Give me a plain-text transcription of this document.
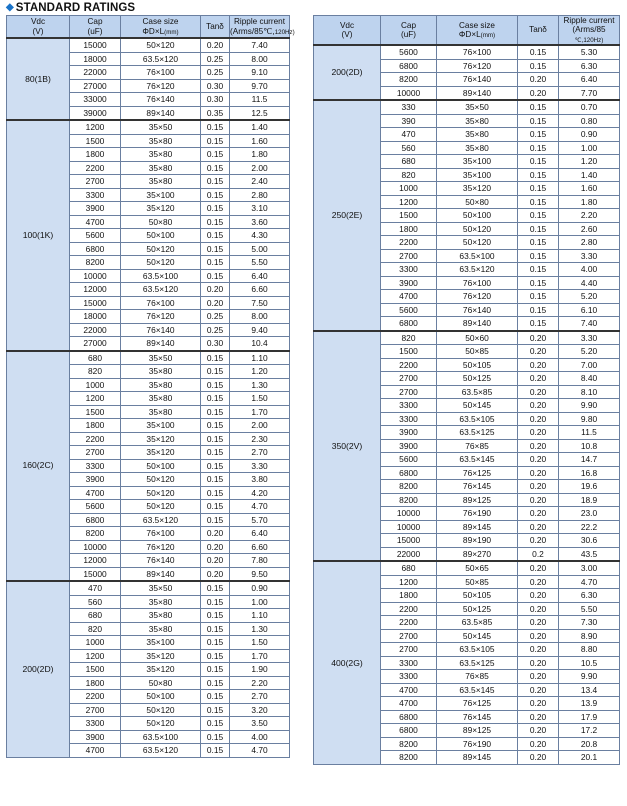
◆ STANDARD RATINGS
Vdc
(V)	Cap
(uF)	Case size
ΦD×L(mm)	Tanδ	Ripple current
(Arms/85℃,120Hz)
80(1B)	15000	50×120	0.20	7.40
	18000	63.5×120	0.25	8.00
	22000	76×100	0.25	9.10
	27000	76×120	0.30	9.70
	33000	76×140	0.30	11.5
	39000	89×140	0.35	12.5
100(1K)	1200	35×50	0.15	1.40
	1500	35×80	0.15	1.60
	1800	35×80	0.15	1.80
	2200	35×80	0.15	2.00
	2700	35×80	0.15	2.40
	3300	35×100	0.15	2.80
	3900	35×120	0.15	3.10
	4700	50×80	0.15	3.60
	5600	50×100	0.15	4.30
	6800	50×120	0.15	5.00
	8200	50×120	0.15	5.50
	10000	63.5×100	0.15	6.40
	12000	63.5×120	0.20	6.60
	15000	76×100	0.20	7.50
	18000	76×120	0.25	8.00
	22000	76×140	0.25	9.40
	27000	89×140	0.30	10.4
160(2C)	680	35×50	0.15	1.10
	820	35×80	0.15	1.20
	1000	35×80	0.15	1.30
	1200	35×80	0.15	1.50
	1500	35×80	0.15	1.70
	1800	35×100	0.15	2.00
	2200	35×120	0.15	2.30
	2700	35×120	0.15	2.70
	3300	50×100	0.15	3.30
	3900	50×120	0.15	3.80
	4700	50×120	0.15	4.20
	5600	50×120	0.15	4.70
	6800	63.5×120	0.15	5.70
	8200	76×100	0.20	6.40
	10000	76×120	0.20	6.60
	12000	76×140	0.20	7.80
	15000	89×140	0.20	9.50
200(2D)	470	35×50	0.15	0.90
	560	35×80	0.15	1.00
	680	35×80	0.15	1.10
	820	35×80	0.15	1.30
	1000	35×100	0.15	1.50
	1200	35×120	0.15	1.70
	1500	35×120	0.15	1.90
	1800	50×80	0.15	2.20
	2200	50×100	0.15	2.70
	2700	50×120	0.15	3.20
	3300	50×120	0.15	3.50
	3900	63.5×100	0.15	4.00
	4700	63.5×120	0.15	4.70
Vdc
(V)	Cap
(uF)	Case size
ΦD×L(mm)	Tanδ	Ripple current
(Arms/85
℃,120Hz)
200(2D)	5600	76×100	0.15	5.30
	6800	76×120	0.15	6.30
	8200	76×140	0.20	6.40
	10000	89×140	0.20	7.70
250(2E)	330	35×50	0.15	0.70
	390	35×80	0.15	0.80
	470	35×80	0.15	0.90
	560	35×80	0.15	1.00
	680	35×100	0.15	1.20
	820	35×100	0.15	1.40
	1000	35×120	0.15	1.60
	1200	50×80	0.15	1.80
	1500	50×100	0.15	2.20
	1800	50×120	0.15	2.60
	2200	50×120	0.15	2.80
	2700	63.5×100	0.15	3.30
	3300	63.5×120	0.15	4.00
	3900	76×100	0.15	4.40
	4700	76×120	0.15	5.20
	5600	76×140	0.15	6.10
	6800	89×140	0.15	7.40
350(2V)	820	50×60	0.20	3.30
	1500	50×85	0.20	5.20
	2200	50×105	0.20	7.00
	2700	50×125	0.20	8.40
	2700	63.5×85	0.20	8.10
	3300	50×145	0.20	9.90
	3300	63.5×105	0.20	9.80
	3900	63.5×125	0.20	11.5
	3900	76×85	0.20	10.8
	5600	63.5×145	0.20	14.7
	6800	76×125	0.20	16.8
	8200	76×145	0.20	19.6
	8200	89×125	0.20	18.9
	10000	76×190	0.20	23.0
	10000	89×145	0.20	22.2
	15000	89×190	0.20	30.6
	22000	89×270	0.2	43.5
400(2G)	680	50×65	0.20	3.00
	1200	50×85	0.20	4.70
	1800	50×105	0.20	6.30
	2200	50×125	0.20	5.50
	2200	63.5×85	0.20	7.30
	2700	50×145	0.20	8.90
	2700	63.5×105	0.20	8.80
	3300	63.5×125	0.20	10.5
	3300	76×85	0.20	9.90
	4700	63.5×145	0.20	13.4
	4700	76×125	0.20	13.9
	6800	76×145	0.20	17.9
	6800	89×125	0.20	17.2
	8200	76×190	0.20	20.8
	8200	89×145	0.20	20.1
